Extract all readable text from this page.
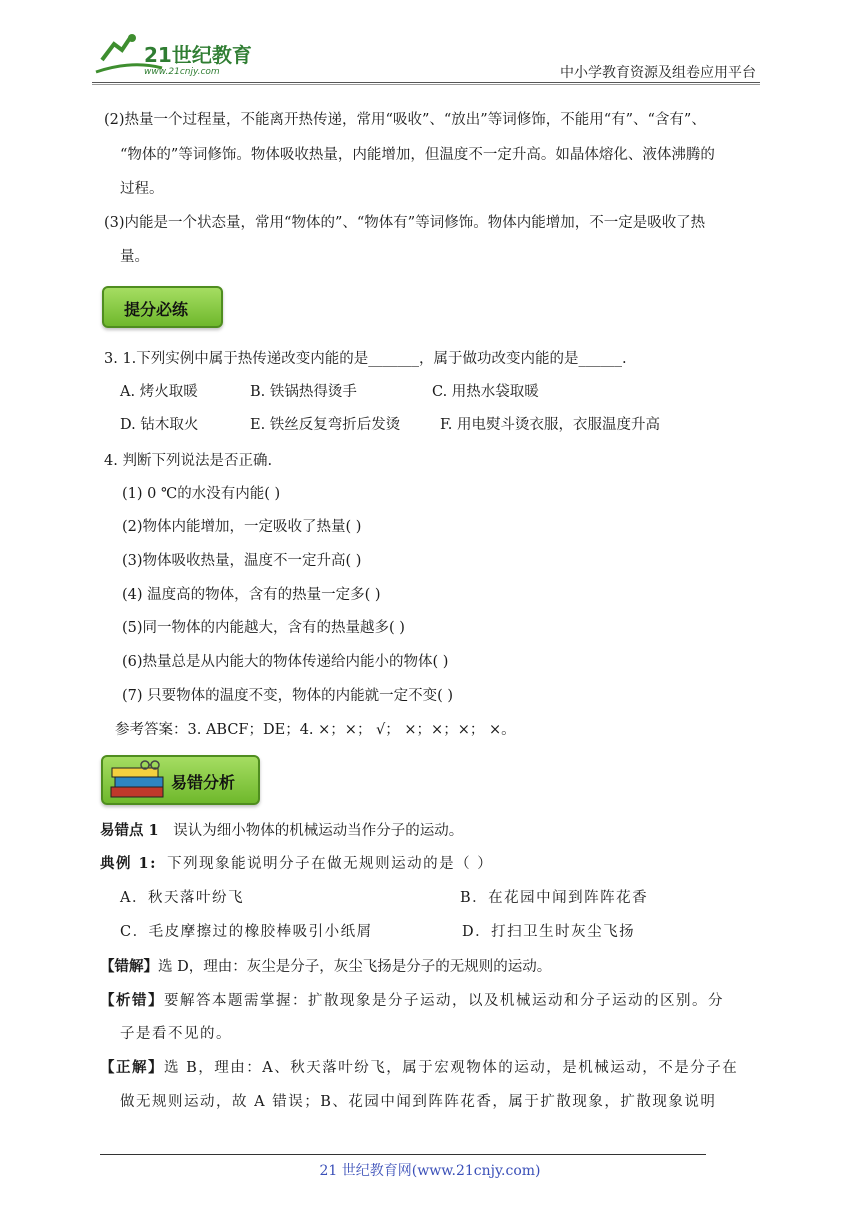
21世纪教育
www.21cnjy.com	中小学教育资源及组卷应用平台
(2)热量一个过程量，不能离开热传递，常用“吸收”、“放出”等词修饰，不能用“有”、“含有”、
“物体的”等词修饰。物体吸收热量，内能增加，但温度不一定升高。如晶体熔化、液体沸腾的
过程。
(3)内能是一个状态量，常用“物体的”、“物体有”等词修饰。物体内能增加，不一定是吸收了热
量。
提分必练
3. 1.下列实例中属于热传递改变内能的是_______，属于做功改变内能的是______.
A. 烤火取暖	B. 铁锅热得烫手	C. 用热水袋取暖
D. 钻木取火	E. 铁丝反复弯折后发烫	F. 用电熨斗烫衣服，衣服温度升高
4. 判断下列说法是否正确.
(1) 0 ℃的水没有内能( )
(2)物体内能增加，一定吸收了热量( )
(3)物体吸收热量，温度不一定升高( )
(4) 温度高的物体，含有的热量一定多( )
(5)同一物体的内能越大，含有的热量越多( )
(6)热量总是从内能大的物体传递给内能小的物体( )
(7) 只要物体的温度不变，物体的内能就一定不变( )
参考答案：3. ABCF；DE；4. ×；×； √； ×；×；×； ×。
易错分析
易错点 1 误认为细小物体的机械运动当作分子的运动。
典例 1: 下列现象能说明分子在做无规则运动的是（ ）
A．秋天落叶纷飞	B．在花园中闻到阵阵花香
C．毛皮摩擦过的橡胶棒吸引小纸屑	D．打扫卫生时灰尘飞扬
【错解】选 D，理由：灰尘是分子，灰尘飞扬是分子的无规则的运动。
【析错】要解答本题需掌握：扩散现象是分子运动，以及机械运动和分子运动的区别。分
子是看不见的。
【正解】选 B，理由：A、秋天落叶纷飞，属于宏观物体的运动，是机械运动，不是分子在
做无规则运动，故 A 错误；B、花园中闻到阵阵花香，属于扩散现象，扩散现象说明
21 世纪教育网(www.21cnjy.com)
